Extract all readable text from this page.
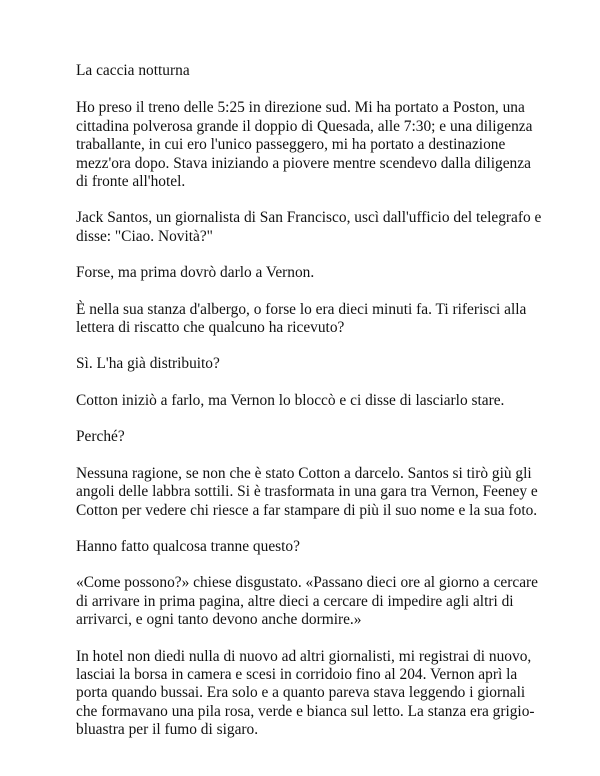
La caccia notturna

Ho preso il treno delle 5:25 in direzione sud. Mi ha portato a Poston, una
cittadina polverosa grande il doppio di Quesada, alle 7:30; e una diligenza
traballante, in cui ero l'unico passeggero, mi ha portato a destinazione
mezz'ora dopo. Stava iniziando a piovere mentre scendevo dalla diligenza
di fronte all'hotel.

Jack Santos, un giornalista di San Francisco, uscì dall'ufficio del telegrafo e
disse: "Ciao. Novità?"

Forse, ma prima dovrò darlo a Vernon.

È nella sua stanza d'albergo, o forse lo era dieci minuti fa. Ti riferisci alla
lettera di riscatto che qualcuno ha ricevuto?

Sì. L'ha già distribuito?

Cotton iniziò a farlo, ma Vernon lo bloccò e ci disse di lasciarlo stare.

Perché?

Nessuna ragione, se non che è stato Cotton a darcelo. Santos si tirò giù gli
angoli delle labbra sottili. Si è trasformata in una gara tra Vernon, Feeney e
Cotton per vedere chi riesce a far stampare di più il suo nome e la sua foto.

Hanno fatto qualcosa tranne questo?

«Come possono?» chiese disgustato. «Passano dieci ore al giorno a cercare
di arrivare in prima pagina, altre dieci a cercare di impedire agli altri di
arrivarci, e ogni tanto devono anche dormire.»

In hotel non diedi nulla di nuovo ad altri giornalisti, mi registrai di nuovo,
lasciai la borsa in camera e scesi in corridoio fino al 204. Vernon aprì la
porta quando bussai. Era solo e a quanto pareva stava leggendo i giornali
che formavano una pila rosa, verde e bianca sul letto. La stanza era grigio-
bluastra per il fumo di sigaro.
